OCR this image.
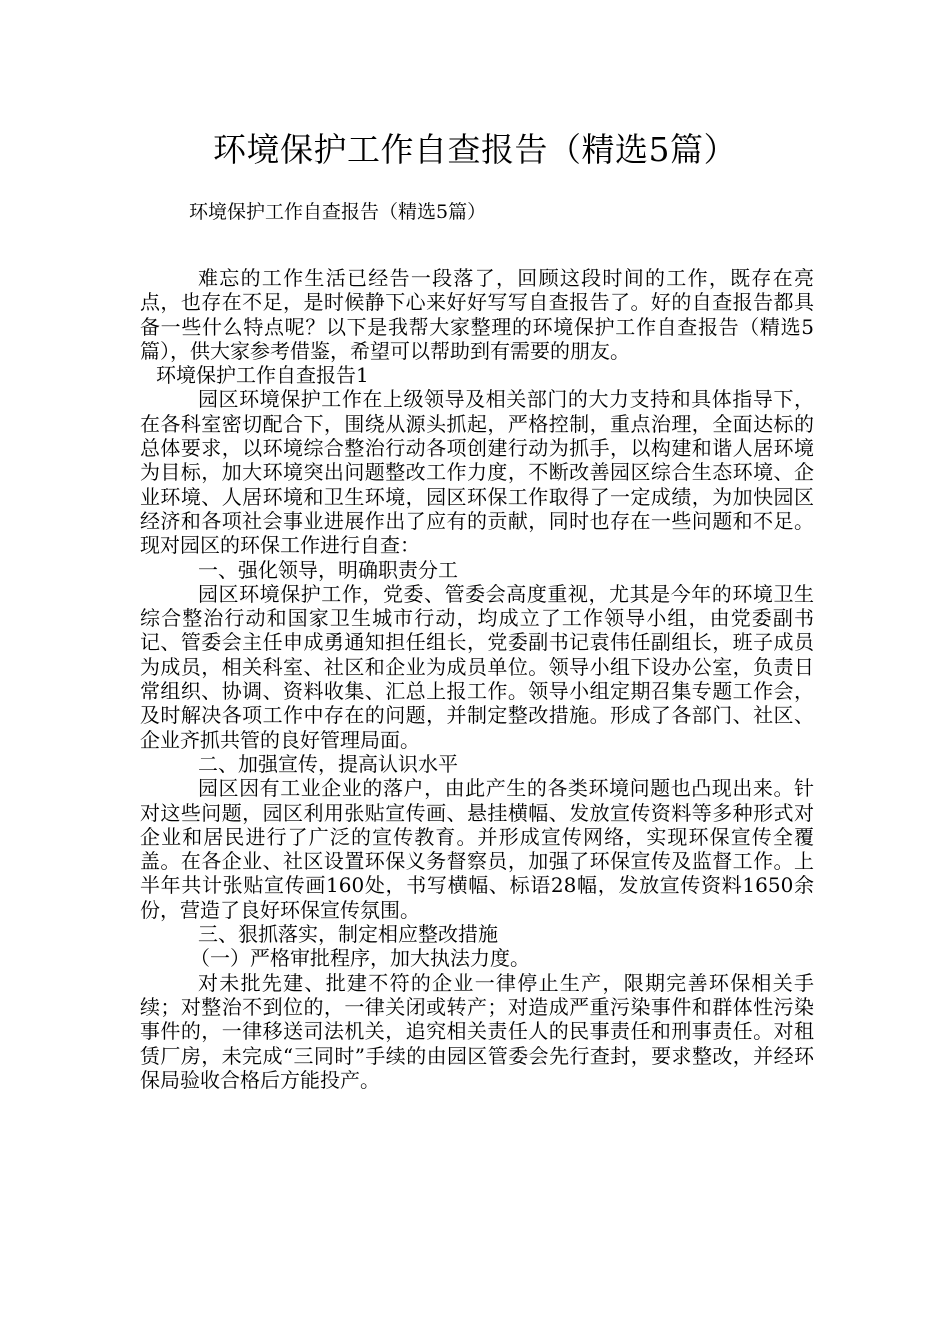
环境保护工作自查报告（精选5篇）
环境保护工作自查报告（精选5篇）

难忘的工作生活已经告一段落了，回顾这段时间的工作，既存在亮点，也存在不足，是时候静下心来好好写写自查报告了。好的自查报告都具备一些什么特点呢？以下是我帮大家整理的环境保护工作自查报告（精选5篇），供大家参考借鉴，希望可以帮助到有需要的朋友。

环境保护工作自查报告1

园区环境保护工作在上级领导及相关部门的大力支持和具体指导下，在各科室密切配合下，围绕从源头抓起，严格控制，重点治理，全面达标的总体要求，以环境综合整治行动各项创建行动为抓手，以构建和谐人居环境为目标，加大环境突出问题整改工作力度，不断改善园区综合生态环境、企业环境、人居环境和卫生环境，园区环保工作取得了一定成绩，为加快园区经济和各项社会事业进展作出了应有的贡献，同时也存在一些问题和不足。现对园区的环保工作进行自查：

一、强化领导，明确职责分工

园区环境保护工作，党委、管委会高度重视，尤其是今年的环境卫生综合整治行动和国家卫生城市行动，均成立了工作领导小组，由党委副书记、管委会主任申成勇通知担任组长，党委副书记袁伟任副组长，班子成员为成员，相关科室、社区和企业为成员单位。领导小组下设办公室，负责日常组织、协调、资料收集、汇总上报工作。领导小组定期召集专题工作会，及时解决各项工作中存在的问题，并制定整改措施。形成了各部门、社区、企业齐抓共管的良好管理局面。

二、加强宣传，提高认识水平

园区因有工业企业的落户，由此产生的各类环境问题也凸现出来。针对这些问题，园区利用张贴宣传画、悬挂横幅、发放宣传资料等多种形式对企业和居民进行了广泛的宣传教育。并形成宣传网络，实现环保宣传全覆盖。在各企业、社区设置环保义务督察员，加强了环保宣传及监督工作。上半年共计张贴宣传画160处，书写横幅、标语28幅，发放宣传资料1650余份，营造了良好环保宣传氛围。

三、狠抓落实，制定相应整改措施

（一）严格审批程序，加大执法力度。

对未批先建、批建不符的企业一律停止生产，限期完善环保相关手续；对整治不到位的，一律关闭或转产；对造成严重污染事件和群体性污染事件的，一律移送司法机关，追究相关责任人的民事责任和刑事责任。对租赁厂房，未完成“三同时”手续的由园区管委会先行查封，要求整改，并经环保局验收合格后方能投产。
